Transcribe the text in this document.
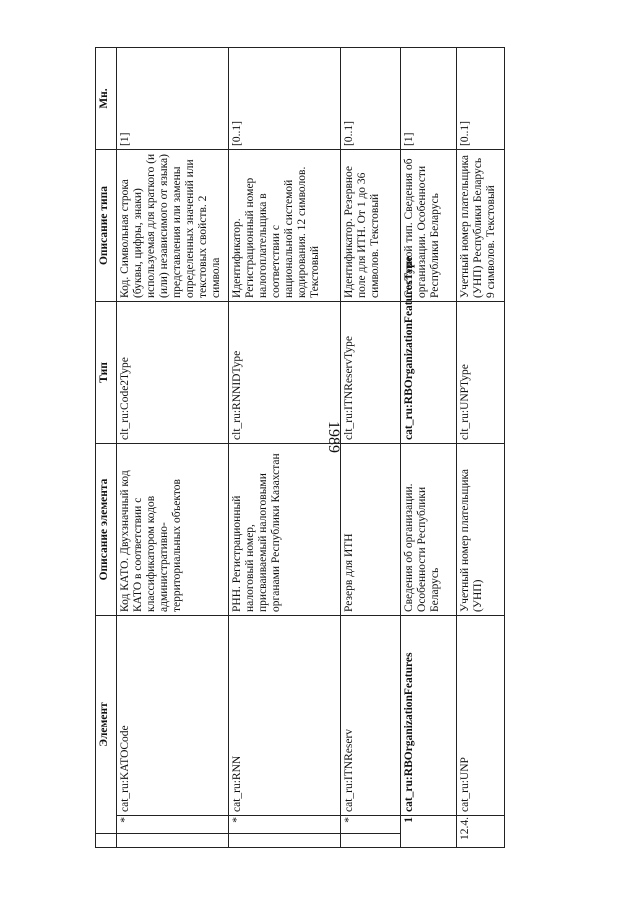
1989
	Элемент		Описание элемента	Тип	Описание типа	Мн.
	*	cat_ru:KATOCode	Код КАТО. Двухзначный код КАТО в соответствии с классификатором кодов административно-территориальных объектов	clt_ru:Code2Type	Код. Символьная строка (буквы, цифры, знаки) используемая для краткого (и (или) независимого от языка) представления или замены определенных значений или текстовых свойств. 2 символа	[1]
	*	cat_ru:RNN	РНН. Регистрационный налоговый номер, присваиваемый налоговыми органами Республики Казахстан	clt_ru:RNNIDType	Идентификатор. Регистрационный номер налогоплательщика в соответствии с национальной системой кодирования. 12 символов. Текстовый	[0..1]
	*	cat_ru:ITNReserv	Резерв для ИТН	clt_ru:ITNReservType	Идентификатор. Резервное поле для ИТН. От 1 до 36 символов. Текстовый	[0..1]
1		cat_ru:RBOrganizationFeatures	Сведения об организации. Особенности Республики Беларусь	cat_ru:RBOrganizationFeaturesType	Составной тип. Сведения об организации. Особенности Республики Беларусь	[1]
12.4.		cat_ru:UNP	Учетный номер плательщика (УНП)	clt_ru:UNPType	Учетный номер плательщика (УНП) Республики Беларусь 9 символов. Текстовый	[0..1]
